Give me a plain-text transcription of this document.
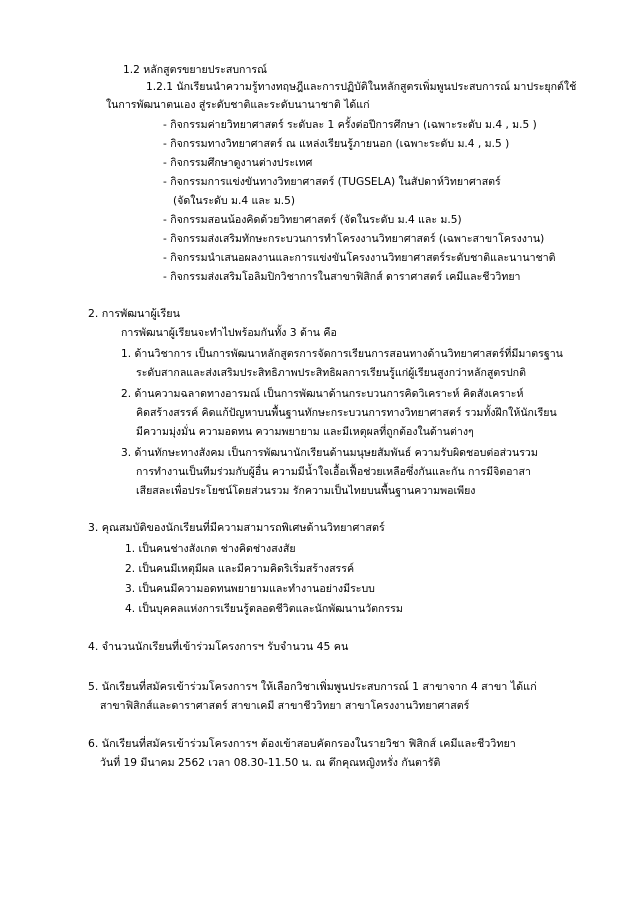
1.2 หลักสูตรขยายประสบการณ์
1.2.1 นักเรียนนำความรู้ทางทฤษฎีและการปฏิบัติในหลักสูตรเพิ่มพูนประสบการณ์ มาประยุกต์ใช้
ในการพัฒนาตนเอง สู่ระดับชาติและระดับนานาชาติ ได้แก่
- กิจกรรมค่ายวิทยาศาสตร์ ระดับละ 1 ครั้งต่อปีการศึกษา (เฉพาะระดับ ม.4 , ม.5 )
- กิจกรรมทางวิทยาศาสตร์ ณ แหล่งเรียนรู้ภายนอก (เฉพาะระดับ ม.4 , ม.5 )
- กิจกรรมศึกษาดูงานต่างประเทศ
- กิจกรรมการแข่งขันทางวิทยาศาสตร์ (TUGSELA) ในสัปดาห์วิทยาศาสตร์
(จัดในระดับ ม.4 และ ม.5)
- กิจกรรมสอนน้องคิดด้วยวิทยาศาสตร์ (จัดในระดับ ม.4 และ ม.5)
- กิจกรรมส่งเสริมทักษะกระบวนการทำโครงงานวิทยาศาสตร์ (เฉพาะสาขาโครงงาน)
- กิจกรรมนำเสนอผลงานและการแข่งขันโครงงานวิทยาศาสตร์ระดับชาติและนานาชาติ
- กิจกรรมส่งเสริมโอลิมปิกวิชาการในสาขาฟิสิกส์ ดาราศาสตร์ เคมีและชีววิทยา
2. การพัฒนาผู้เรียน
การพัฒนาผู้เรียนจะทำไปพร้อมกันทั้ง 3 ด้าน คือ
1. ด้านวิชาการ เป็นการพัฒนาหลักสูตรการจัดการเรียนการสอนทางด้านวิทยาศาสตร์ที่มีมาตรฐาน
ระดับสากลและส่งเสริมประสิทธิภาพประสิทธิผลการเรียนรู้แก่ผู้เรียนสูงกว่าหลักสูตรปกติ
2. ด้านความฉลาดทางอารมณ์ เป็นการพัฒนาด้านกระบวนการคิดวิเคราะห์ คิดสังเคราะห์
คิดสร้างสรรค์ คิดแก้ปัญหาบนพื้นฐานทักษะกระบวนการทางวิทยาศาสตร์ รวมทั้งฝึกให้นักเรียน
มีความมุ่งมั่น ความอดทน ความพยายาม และมีเหตุผลที่ถูกต้องในด้านต่างๆ
3. ด้านทักษะทางสังคม เป็นการพัฒนานักเรียนด้านมนุษยสัมพันธ์ ความรับผิดชอบต่อส่วนรวม
การทำงานเป็นทีมร่วมกับผู้อื่น ความมีน้ำใจเอื้อเฟื้อช่วยเหลือซึ่งกันและกัน การมีจิตอาสา
เสียสละเพื่อประโยชน์โดยส่วนรวม รักความเป็นไทยบนพื้นฐานความพอเพียง
3. คุณสมบัติของนักเรียนที่มีความสามารถพิเศษด้านวิทยาศาสตร์
1. เป็นคนช่างสังเกต ช่างคิดช่างสงสัย
2. เป็นคนมีเหตุมีผล และมีความคิดริเริ่มสร้างสรรค์
3. เป็นคนมีความอดทนพยายามและทำงานอย่างมีระบบ
4. เป็นบุคคลแห่งการเรียนรู้ตลอดชีวิตและนักพัฒนานวัตกรรม
4. จำนวนนักเรียนที่เข้าร่วมโครงการฯ รับจำนวน 45 คน
5. นักเรียนที่สมัครเข้าร่วมโครงการฯ ให้เลือกวิชาเพิ่มพูนประสบการณ์ 1 สาขาจาก 4 สาขา ได้แก่
สาขาฟิสิกส์และดาราศาสตร์ สาขาเคมี สาขาชีววิทยา สาขาโครงงานวิทยาศาสตร์
6. นักเรียนที่สมัครเข้าร่วมโครงการฯ ต้องเข้าสอบคัดกรองในรายวิชา ฟิสิกส์ เคมีและชีววิทยา
วันที่ 19 มีนาคม 2562 เวลา 08.30-11.50 น. ณ ตึกคุณหญิงหรั่ง กันตารัติ
